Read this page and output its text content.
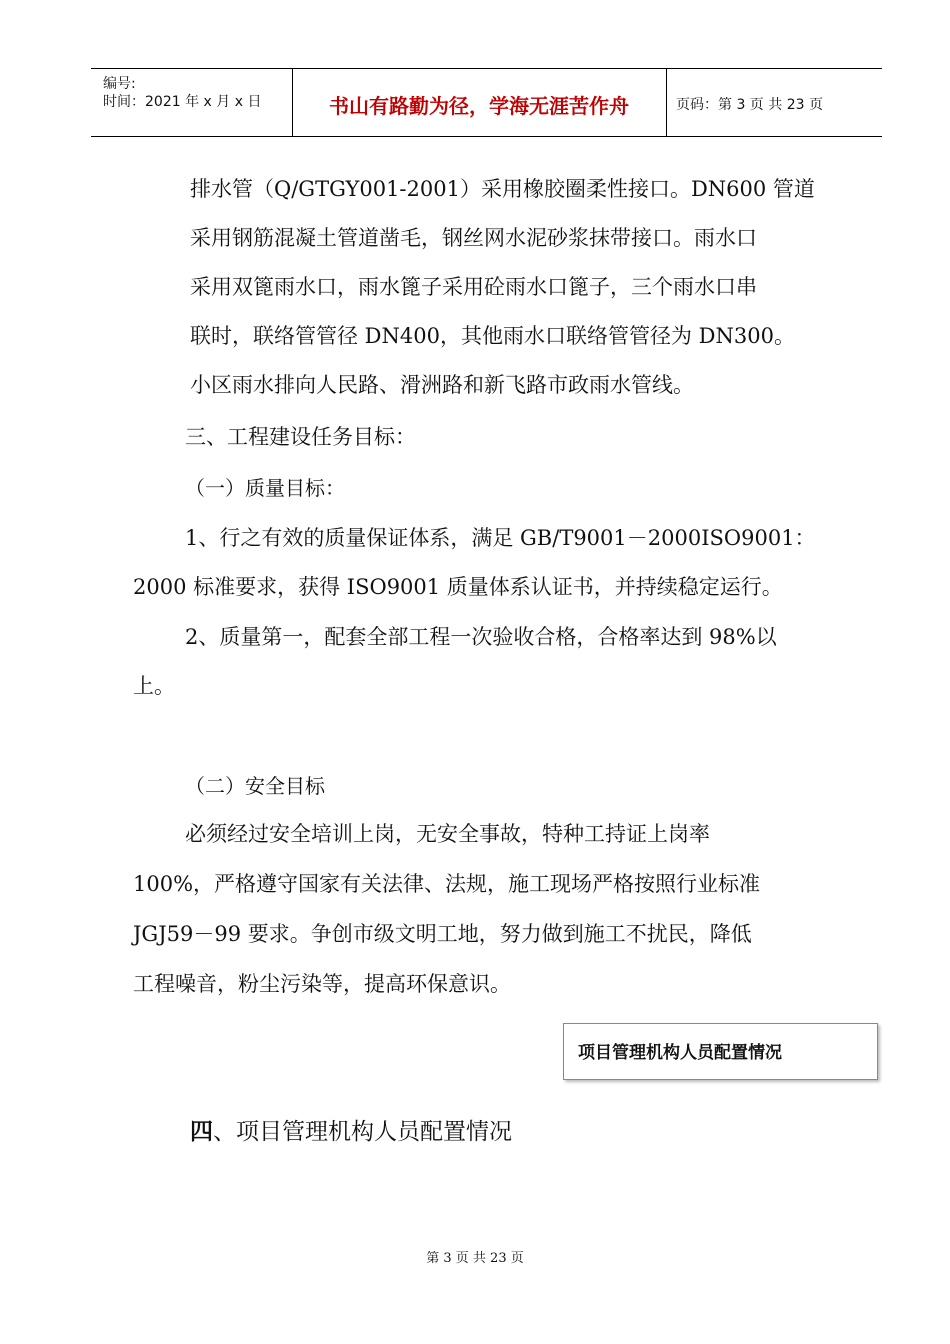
编号:
时间：2021 年 x 月 x 日	书山有路勤为径，学海无涯苦作舟	页码：第 3 页 共 23 页
排水管（Q/GTGY001-2001）采用橡胶圈柔性接口。DN600 管道
采用钢筋混凝土管道凿毛，钢丝网水泥砂浆抹带接口。雨水口
采用双篦雨水口，雨水篦子采用砼雨水口篦子，三个雨水口串
联时，联络管管径 DN400，其他雨水口联络管管径为 DN300。
小区雨水排向人民路、滑洲路和新飞路市政雨水管线。
三、工程建设任务目标：
（一）质量目标：
1、行之有效的质量保证体系，满足 GB/T9001－2000ISO9001：
2000 标准要求，获得 ISO9001 质量体系认证书，并持续稳定运行。
2、质量第一，配套全部工程一次验收合格，合格率达到 98%以
上。
（二）安全目标
必须经过安全培训上岗，无安全事故，特种工持证上岗率
100%，严格遵守国家有关法律、法规，施工现场严格按照行业标准
JGJ59－99 要求。争创市级文明工地，努力做到施工不扰民，降低
工程噪音，粉尘污染等，提高环保意识。
项目管理机构人员配置情况
四、项目管理机构人员配置情况
第 3 页 共 23 页
